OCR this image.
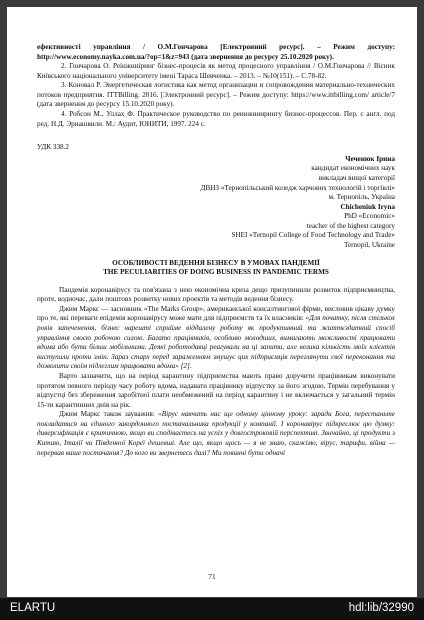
ефективності управління / О.М.Гончарова [Електронний ресурс]. – Режим доступу: http://www.economy.nayka.com.ua/?op=1&z=943 (дата звернення до ресурсу 25.10.2020 року).

2. Гончарова О. Реінжиніринг бізнес-процесів як метод процесного управління / О.М.Гончарова // Вісник Київського національного університету імені Тараса Шевченка. – 2013. – №10(151). – С.78-82.

3. Коновал Р. Энергетическая логистика как метод организации и сопровождения материально-технических потоков предприятия. ITTBilling. 2016. [Электронний ресурс]. – Режим доступу: https://www.ittbilling.com/ article/7 (дата звернення до ресурсу 15.10.2020 року).

4. Робсон М., Уллах Ф. Практическое руководство по реинжинирингу бизнес-процессов. Пер. с англ. под ред. Н.Д. Эриашвили. М.: Аудит, ЮНИТИ, 1997. 224 с.

УДК 338.2
Чеченюк Ірина
кандидат економічних наук
викладач вищої категорії
ДВНЗ «Тернопільський коледж харчових технологій і торгівлі»
м. Тернопіль, Україна
Chicheniuk Iryna
PhD «Economic»
teacher of the highest category
SHEI «Ternopil College of Food Technology and Trade»
Ternopil, Ukraine
ОСОБЛИВОСТІ ВЕДЕННЯ БІЗНЕСУ В УМОВАХ ПАНДЕМІЇ
THE PECULIARITIES OF DOING BUSINESS IN PANDEMIC TERMS

Пандемія коронавірусу та пов'язана з нею економічна криза дещо призупинили розвиток підприємництва, проте, водночас, дали поштовх розвитку нових проектів та методів ведення бізнесу.

Джим Маркс — засновник «The Marks Group», американської консалтингової фірми, висловив цікаву думку про те, які переваги епідемія коронавірусу може мати для підприємств та їх власників: «Для початку, після стількох років запеченення, бізнес нарешті сприйме віддалену роботу як продуктивний та життєздатний спосіб управління своєю робочою силою. Багато працівників, особливо молодших, вимагають можливості працювати вдома або бути більш мобільними. Деякі роботодавці реагували на ці запити, але велика кількість моїх клієнтів виступили проти змін. Зараз старх перед зараженням змушує цих підприємців переглянути свої переконання та дозволити своїм підлеглим працювати вдома» [2].

Варто зазначити, що на період карантину підприємства мають право доручити працівникам виконувати протягом певного періоду часу роботу вдома, надавати працівнику відпустку за його згодою. Термін перебування у відпустці без збереження заробітної плати необмежений на період карантину і не включається у загальний термін 15-ти карантинних днів на рік.

Джим Маркс також зауважив: «Вірус навчить нас ще одному цінному уроку: заради Бога, перестаньте покладатися на єдиного закордонного постачальника продукції у компанії. І коронавірус підкреслює цю думку: диверсифікація є критичною, якщо ви сподіваєтесь на успіх у довгостроковій перспективі. Звичайно, ці продукти з Китаю, Італії чи Південної Кореї дешевші. Але що, якщо щось — я не знаю, скажімо, вірус, тарифи, війна — перервав ваше постачання? До кого ви звернетесь далі? Ми повинні бути одначі

71
ELARTU	hdl:lib/32990
